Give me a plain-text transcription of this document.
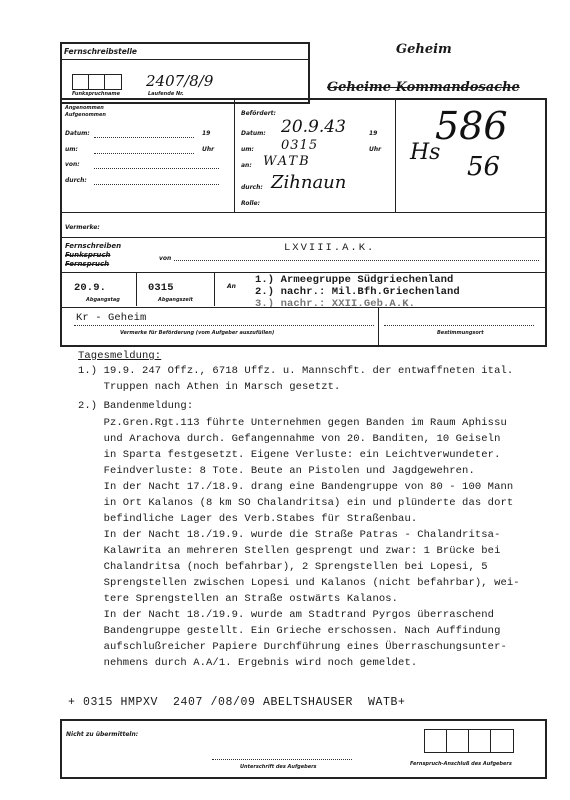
Geheim
Geheime Kommandosache
Fernschreibstelle
2407/8/9
Funkspruchname	Laufende Nr.
Angenommen
Aufgenommen
Datum:	19
um:	Uhr
von:
durch:
Befördert:
Datum: 20.9.43	19
um: 0315	Uhr
an: WATB
durch: Zihnaun
Rolle:
Hs
586
56
Vermerke:
Fernschreiben
Funkspruch
Fernspruch
von
LXVIII.A.K.
20.9.	0315
Abgangstag	Abgangszeit
An
1.) Armeegruppe Südgriechenland
2.) nachr.: Mil.Bfh.Griechenland
3.) nachr.: XXII.Geb.A.K.
Kr - Geheim
Vermerke für Beförderung (vom Aufgeber auszufüllen)	Bestimmungsort
Tagesmeldung:
1.) 19.9. 247 Offz., 6718 Uffz. u. Mannschft. der entwaffneten ital.
Truppen nach Athen in Marsch gesetzt.
2.) Bandenmeldung:
Pz.Gren.Rgt.113 führte Unternehmen gegen Banden im Raum Aphissu
und Arachova durch. Gefangennahme von 20. Banditen, 10 Geiseln
in Sparta festgesetzt. Eigene Verluste: ein Leichtverwundeter.
Feindverluste: 8 Tote. Beute an Pistolen und Jagdgewehren.
In der Nacht 17./18.9. drang eine Bandengruppe von 80 - 100 Mann
in Ort Kalanos (8 km SO Chalandritsa) ein und plünderte das dort
befindliche Lager des Verb.Stabes für Straßenbau.
In der Nacht 18./19.9. wurde die Straße Patras - Chalandritsa-
Kalawrita an mehreren Stellen gesprengt und zwar: 1 Brücke bei
Chalandritsa (noch befahrbar), 2 Sprengstellen bei Lopesi, 5
Sprengstellen zwischen Lopesi und Kalanos (nicht befahrbar), wei-
tere Sprengstellen an Straße ostwärts Kalanos.
In der Nacht 18./19.9. wurde am Stadtrand Pyrgos überraschend
Bandengruppe gestellt. Ein Grieche erschossen. Nach Auffindung
aufschlußreicher Papiere Durchführung eines Überraschungsunter-
nehmens durch A.A/1. Ergebnis wird noch gemeldet.
+ 0315 HMPXV  2407 /08/09 ABELTSHAUSER  WATB+
Nicht zu übermitteln:
Unterschrift des Aufgebers	Fernspruch-Anschluß des Aufgebers
